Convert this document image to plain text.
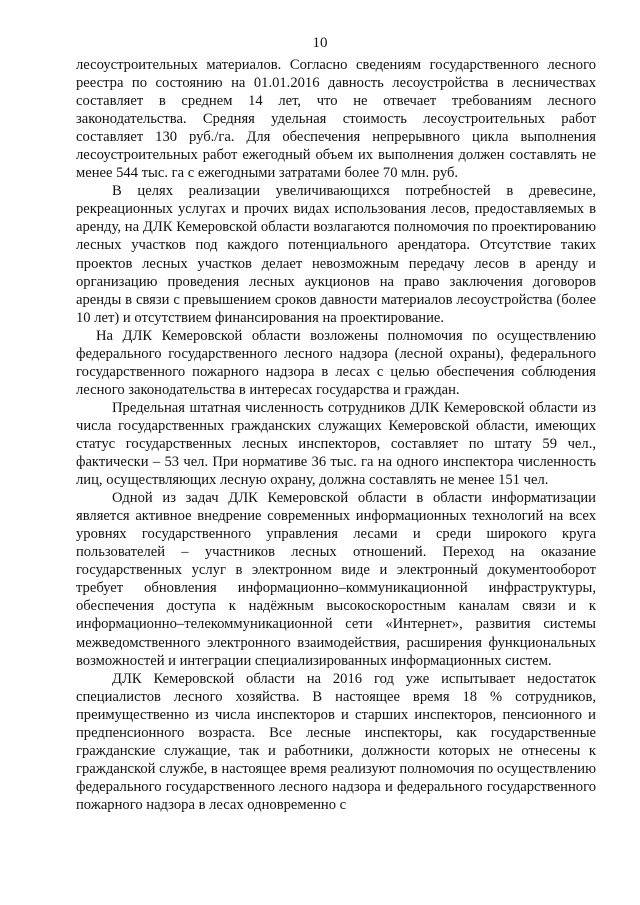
10

лесоустроительных материалов. Согласно сведениям государственного лесного реестра по состоянию на 01.01.2016 давность лесоустройства в лесничествах составляет в среднем 14 лет, что не отвечает требованиям лесного законодательства. Средняя удельная стоимость лесоустроительных работ составляет 130 руб./га. Для обеспечения непрерывного цикла выполнения лесоустроительных работ ежегодный объем их выполнения должен составлять не менее 544 тыс. га с ежегодными затратами более 70 млн. руб.

В целях реализации увеличивающихся потребностей в древесине, рекреационных услугах и прочих видах использования лесов, предоставляемых в аренду, на ДЛК Кемеровской области возлагаются полномочия по проектированию лесных участков под каждого потенциального арендатора. Отсутствие таких проектов лесных участков делает невозможным передачу лесов в аренду и организацию проведения лесных аукционов на право заключения договоров аренды в связи с превышением сроков давности материалов лесоустройства (более 10 лет) и отсутствием финансирования на проектирование.

На ДЛК Кемеровской области возложены полномочия по осуществлению федерального государственного лесного надзора (лесной охраны), федерального государственного пожарного надзора в лесах с целью обеспечения соблюдения лесного законодательства в интересах государства и граждан.

Предельная штатная численность сотрудников ДЛК Кемеровской области из числа государственных гражданских служащих Кемеровской области, имеющих статус государственных лесных инспекторов, составляет по штату 59 чел., фактически – 53 чел. При нормативе 36 тыс. га на одного инспектора численность лиц, осуществляющих лесную охрану, должна составлять не менее 151 чел.

Одной из задач ДЛК Кемеровской области в области информатизации является активное внедрение современных информационных технологий на всех уровнях государственного управления лесами и среди широкого круга пользователей – участников лесных отношений. Переход на оказание государственных услуг в электронном виде и электронный документооборот требует обновления информационно–коммуникационной инфраструктуры, обеспечения доступа к надёжным высокоскоростным каналам связи и к информационно–телекоммуникационной сети «Интернет», развития системы межведомственного электронного взаимодействия, расширения функциональных возможностей и интеграции специализированных информационных систем.

ДЛК Кемеровской области на 2016 год уже испытывает недостаток специалистов лесного хозяйства. В настоящее время 18 % сотрудников, преимущественно из числа инспекторов и старших инспекторов, пенсионного и предпенсионного возраста. Все лесные инспекторы, как государственные гражданские служащие, так и работники, должности которых не отнесены к гражданской службе, в настоящее время реализуют полномочия по осуществлению федерального государственного лесного надзора и федерального государственного пожарного надзора в лесах одновременно с
